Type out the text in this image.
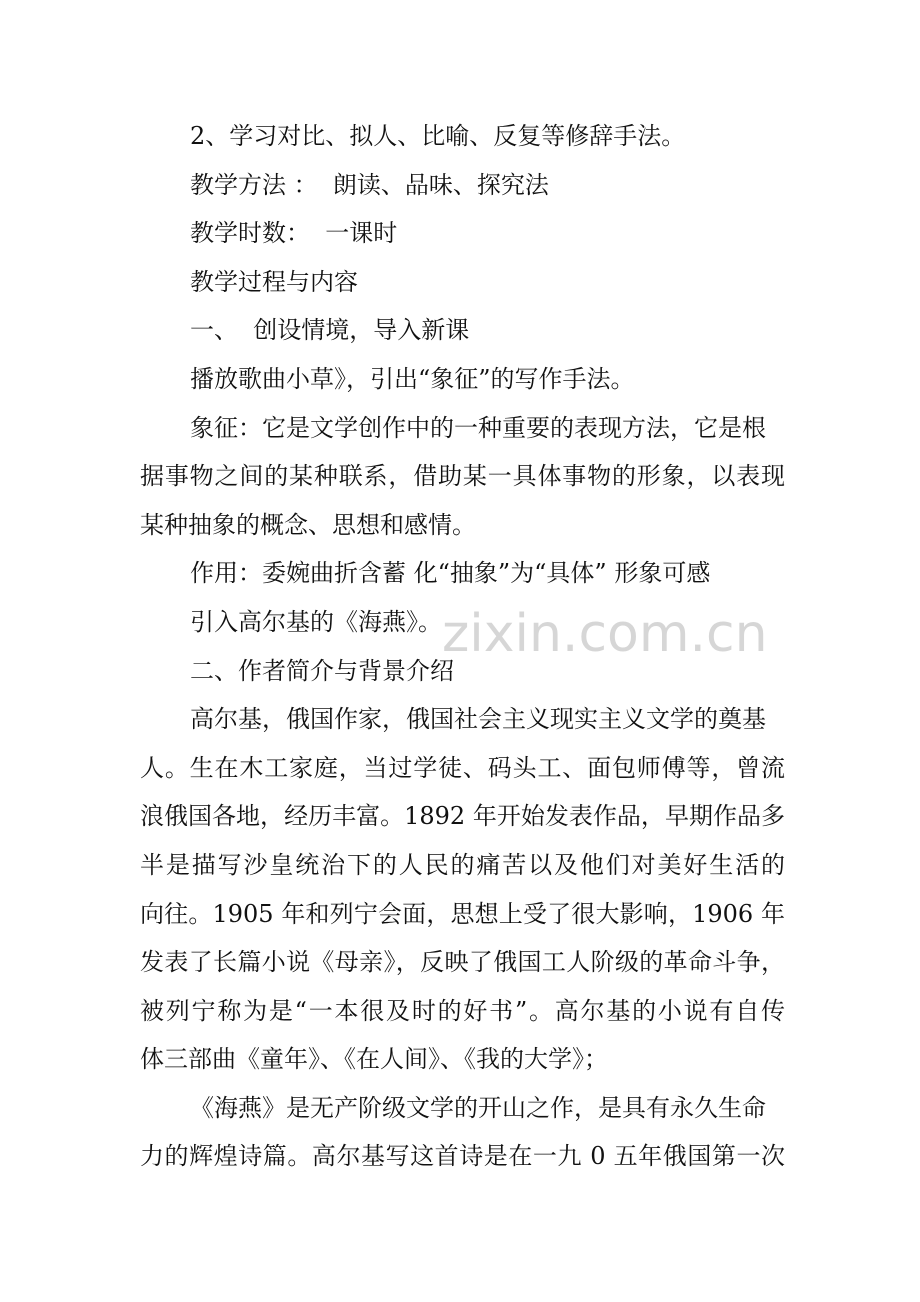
2、学习对比、拟人、比喻、反复等修辞手法。
教学方法 ：  朗读、品味、探究法
教学时数：  一课时
教学过程与内容
一、  创设情境，导入新课
播放歌曲小草》，引出“象征”的写作手法。
象征：它是文学创作中的一种重要的表现方法，它是根
据事物之间的某种联系，借助某一具体事物的形象，以表现
某种抽象的概念、思想和感情。
作用：委婉曲折含蓄 化“抽象”为“具体” 形象可感
引入高尔基的《海燕》。
二、作者简介与背景介绍
高尔基，俄国作家，俄国社会主义现实主义文学的奠基
人。生在木工家庭，当过学徒、码头工、面包师傅等，曾流
浪俄国各地，经历丰富。1892 年开始发表作品，早期作品多
半是描写沙皇统治下的人民的痛苦以及他们对美好生活的
向往。1905 年和列宁会面，思想上受了很大影响，1906 年
发表了长篇小说《母亲》，反映了俄国工人阶级的革命斗争，
被列宁称为是“一本很及时的好书”。高尔基的小说有自传
体三部曲《童年》、《在人间》、《我的大学》；
《海燕》是无产阶级文学的开山之作，是具有永久生命
力的辉煌诗篇。高尔基写这首诗是在一九 0 五年俄国第一次
zixin.com.cn
